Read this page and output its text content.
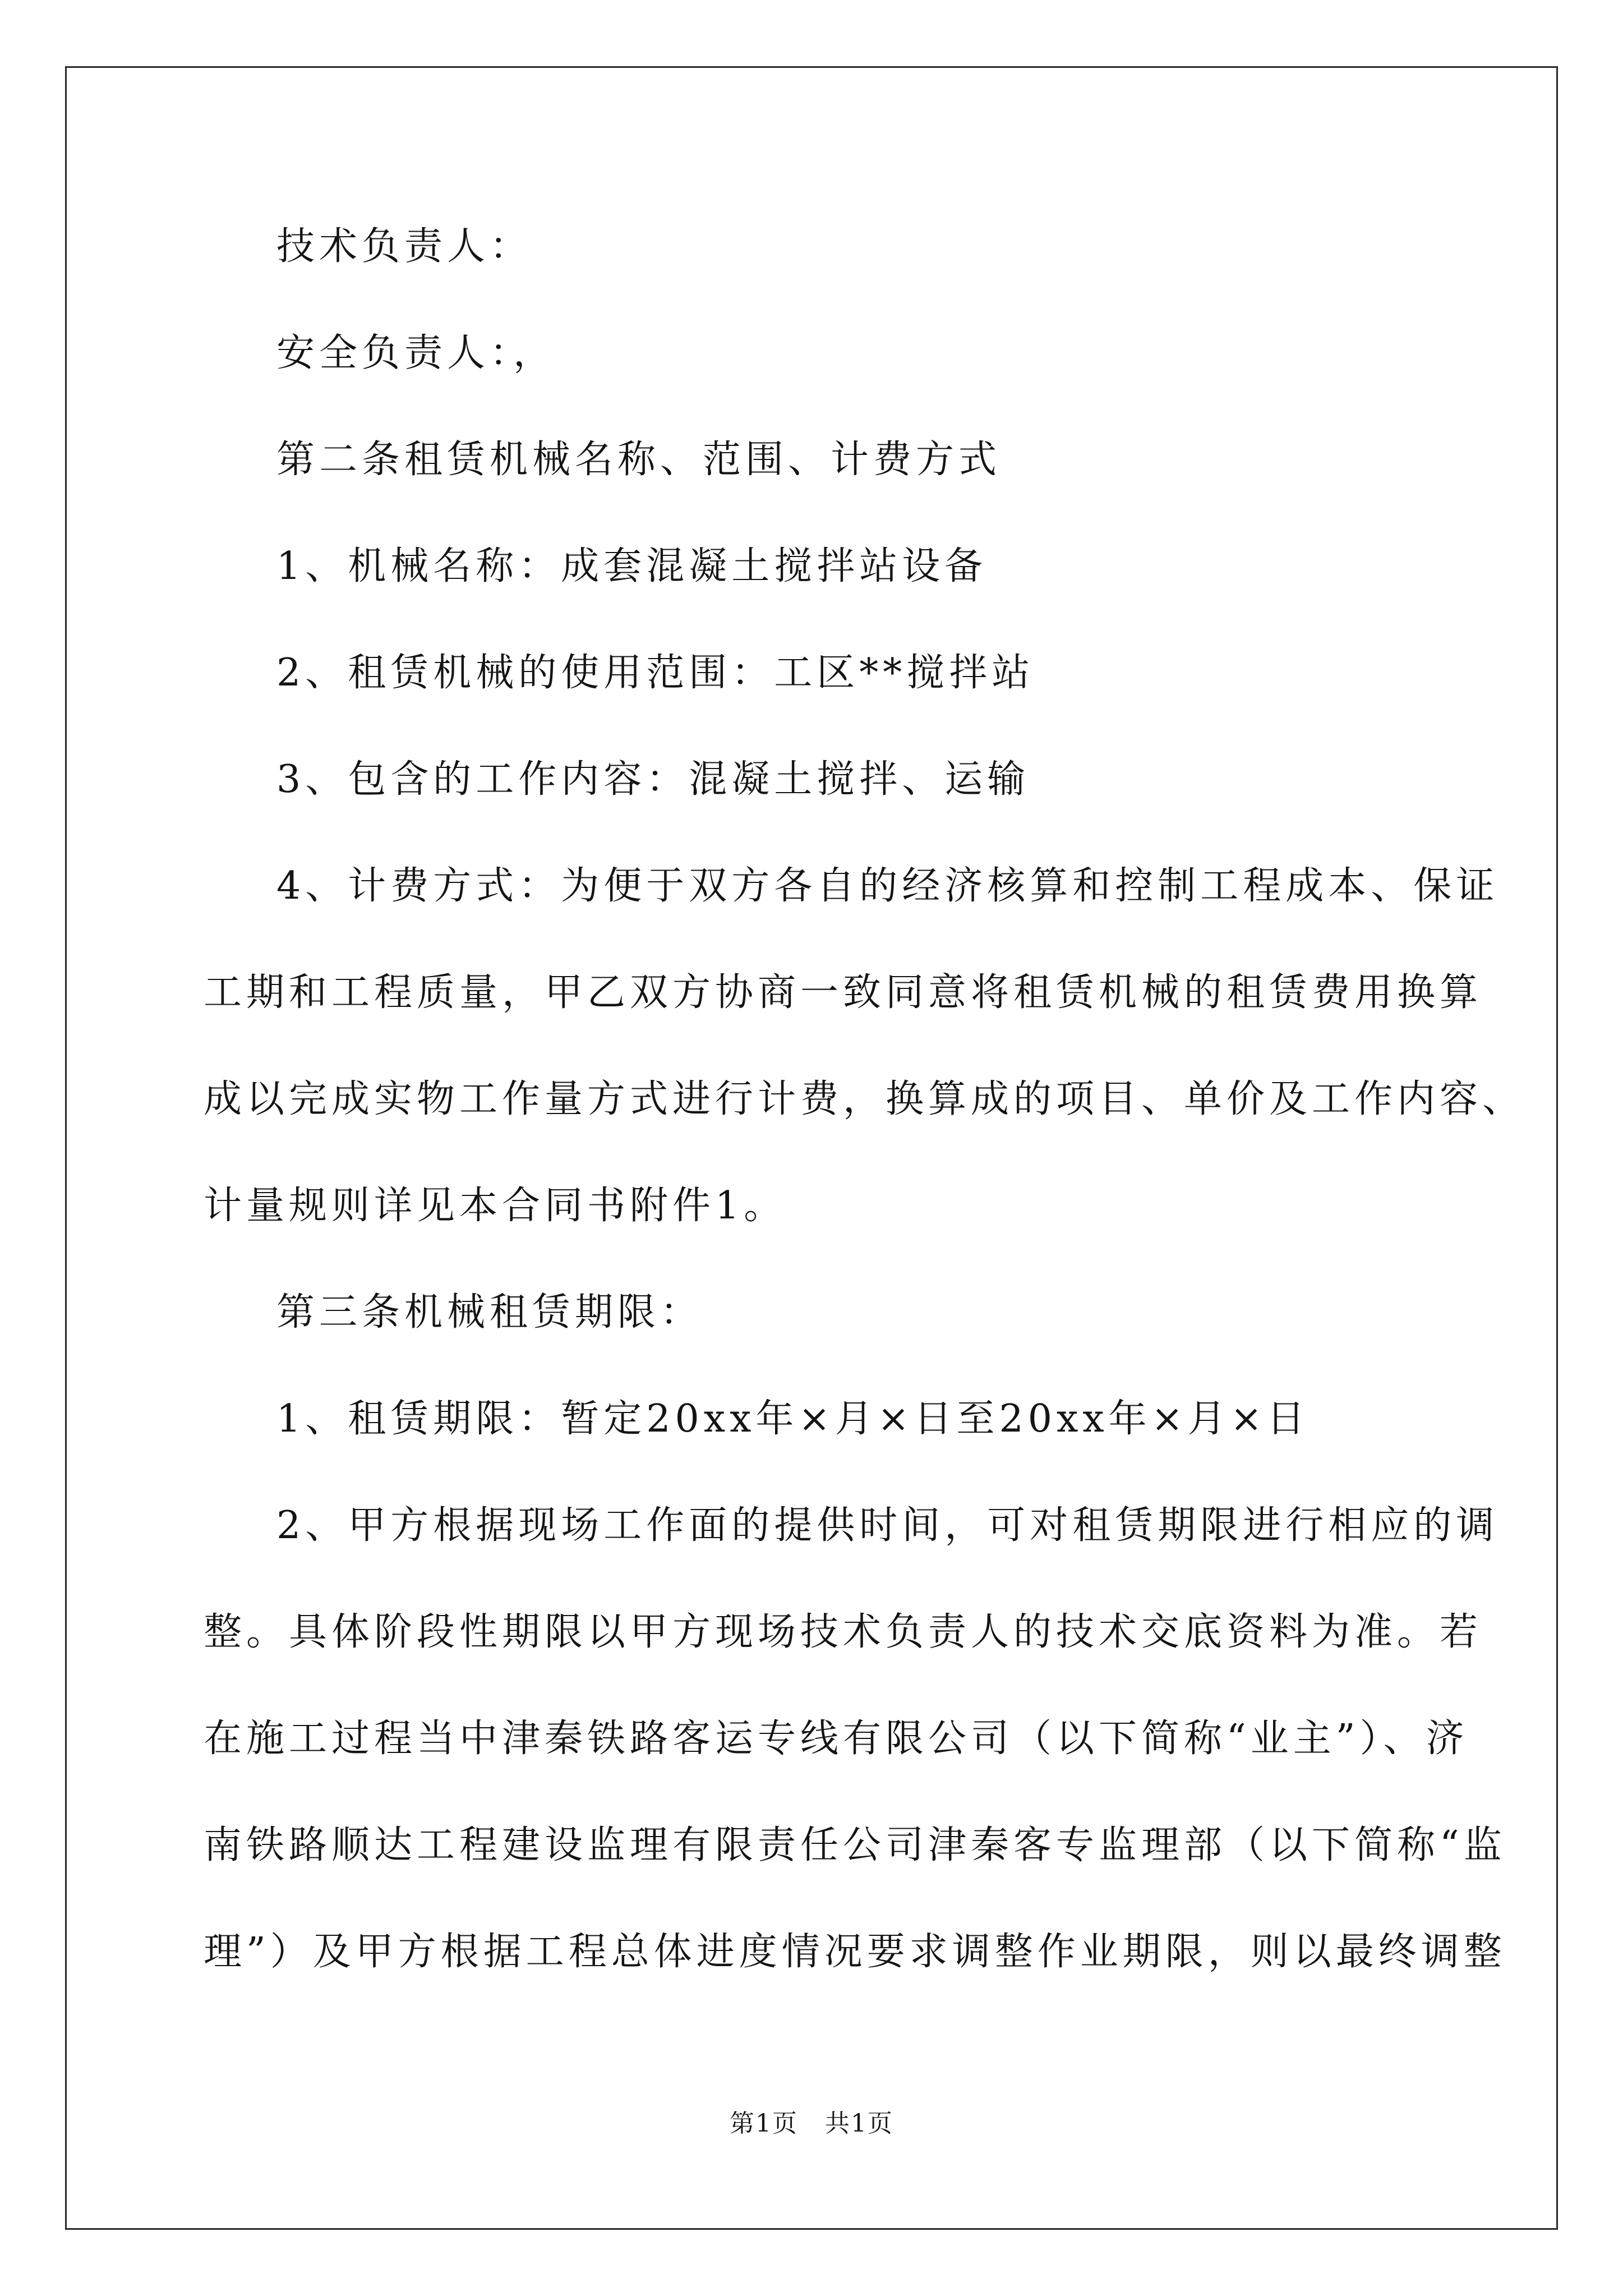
技术负责人：
安全负责人：，
第二条租赁机械名称、范围、计费方式
1、机械名称：成套混凝土搅拌站设备
2、租赁机械的使用范围：工区**搅拌站
3、包含的工作内容：混凝土搅拌、运输
4、计费方式：为便于双方各自的经济核算和控制工程成本、保证
工期和工程质量，甲乙双方协商一致同意将租赁机械的租赁费用换算
成以完成实物工作量方式进行计费，换算成的项目、单价及工作内容、
计量规则详见本合同书附件1。
第三条机械租赁期限：
1、租赁期限：暂定20xx年×月×日至20xx年×月×日
2、甲方根据现场工作面的提供时间，可对租赁期限进行相应的调
整。具体阶段性期限以甲方现场技术负责人的技术交底资料为准。若
在施工过程当中津秦铁路客运专线有限公司（以下简称“业主”）、济
南铁路顺达工程建设监理有限责任公司津秦客专监理部（以下简称“监
理”）及甲方根据工程总体进度情况要求调整作业期限，则以最终调整
第1页   共1页
